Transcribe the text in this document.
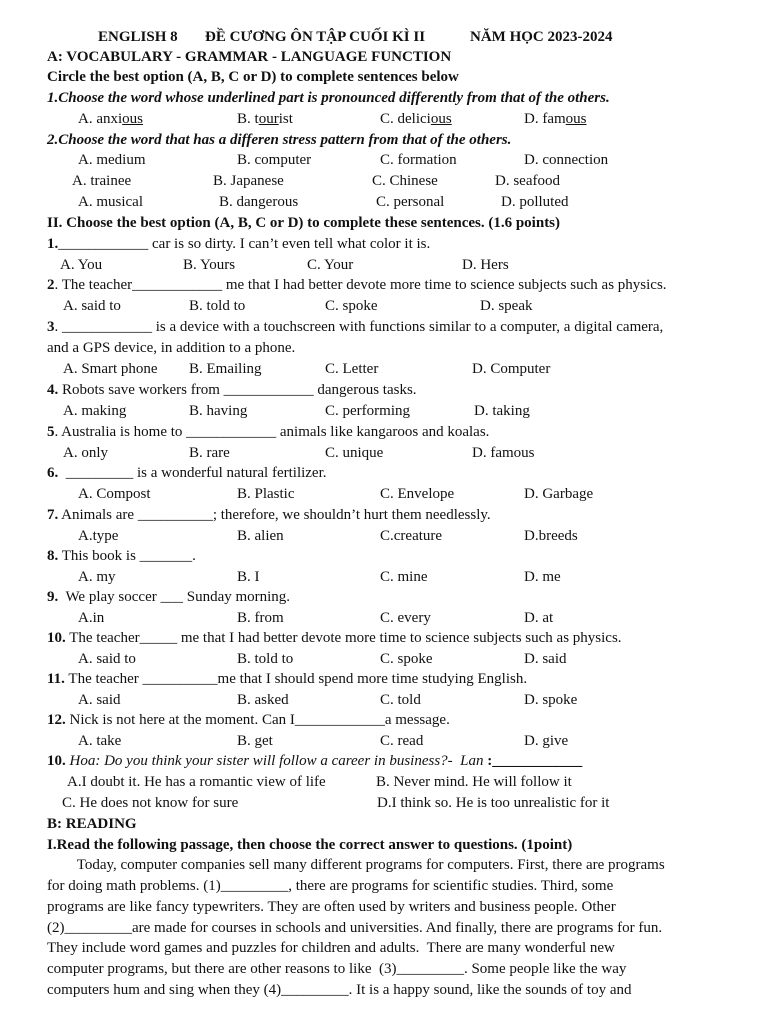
ENGLISH 8 ĐỀ CƯƠNG ÔN TẬP CUỐI KÌ II	NĂM HỌC 2023-2024
A: VOCABULARY - GRAMMAR - LANGUAGE FUNCTION
Circle the best option (A, B, C or D) to complete sentences below
1.Choose the word whose underlined part is pronounced differently from that of the others.
A. anxious	B. tourist	C. delicious	D. famous
2.Choose the word that has a differen stress pattern from that of the others.
A. medium	B. computer	C. formation	D. connection
A. trainee	B. Japanese	C. Chinese	D. seafood
A. musical	B. dangerous	C. personal	D. polluted
II. Choose the best option (A, B, C or D) to complete these sentences. (1.6 points)
1.____________ car is so dirty. I can’t even tell what color it is.
A. You	B. Yours	C. Your	D. Hers
2. The teacher____________ me that I had better devote more time to science subjects such as physics.
A. said to	B. told to	C. spoke	D. speak
3. ____________ is a device with a touchscreen with functions similar to a computer, a digital camera,
and a GPS device, in addition to a phone.
A. Smart phone B. Emailing	C. Letter	D. Computer
4. Robots save workers from ____________ dangerous tasks.
A. making	B. having	C. performing	D. taking
5. Australia is home to ____________ animals like kangaroos and koalas.
A. only	B. rare	C. unique	D. famous
6.  _________ is a wonderful natural fertilizer.
A. Compost	B. Plastic	C. Envelope	D. Garbage
7. Animals are __________; therefore, we shouldn’t hurt them needlessly.
A.type	B. alien	C.creature	D.breeds
8. This book is _______.
A. my	B. I	C. mine	D. me
9.  We play soccer ___ Sunday morning.
A.in	B. from	C. every	D. at
10. The teacher_____ me that I had better devote more time to science subjects such as physics.
A. said to	B. told to	C. spoke	D. said
11. The teacher __________me that I should spend more time studying English.
A. said	B. asked	C. told	D. spoke
12. Nick is not here at the moment. Can I____________a message.
A. take	B. get	C. read	D. give
10. Hoa: Do you think your sister will follow a career in business?-  Lan :____________
A.I doubt it. He has a romantic view of life	B. Never mind. He will follow it
C. He does not know for sure	D.I think so. He is too unrealistic for it
B: READING
I.Read the following passage, then choose the correct answer to questions. (1point)
Today, computer companies sell many different programs for computers. First, there are programs
for doing math problems. (1)_________, there are programs for scientific studies. Third, some
programs are like fancy typewriters. They are often used by writers and business people. Other
(2)_________are made for courses in schools and universities. And finally, there are programs for fun.
They include word games and puzzles for children and adults.  There are many wonderful new
computer programs, but there are other reasons to like  (3)_________. Some people like the way
computers hum and sing when they (4)_________. It is a happy sound, like the sounds of toy and
